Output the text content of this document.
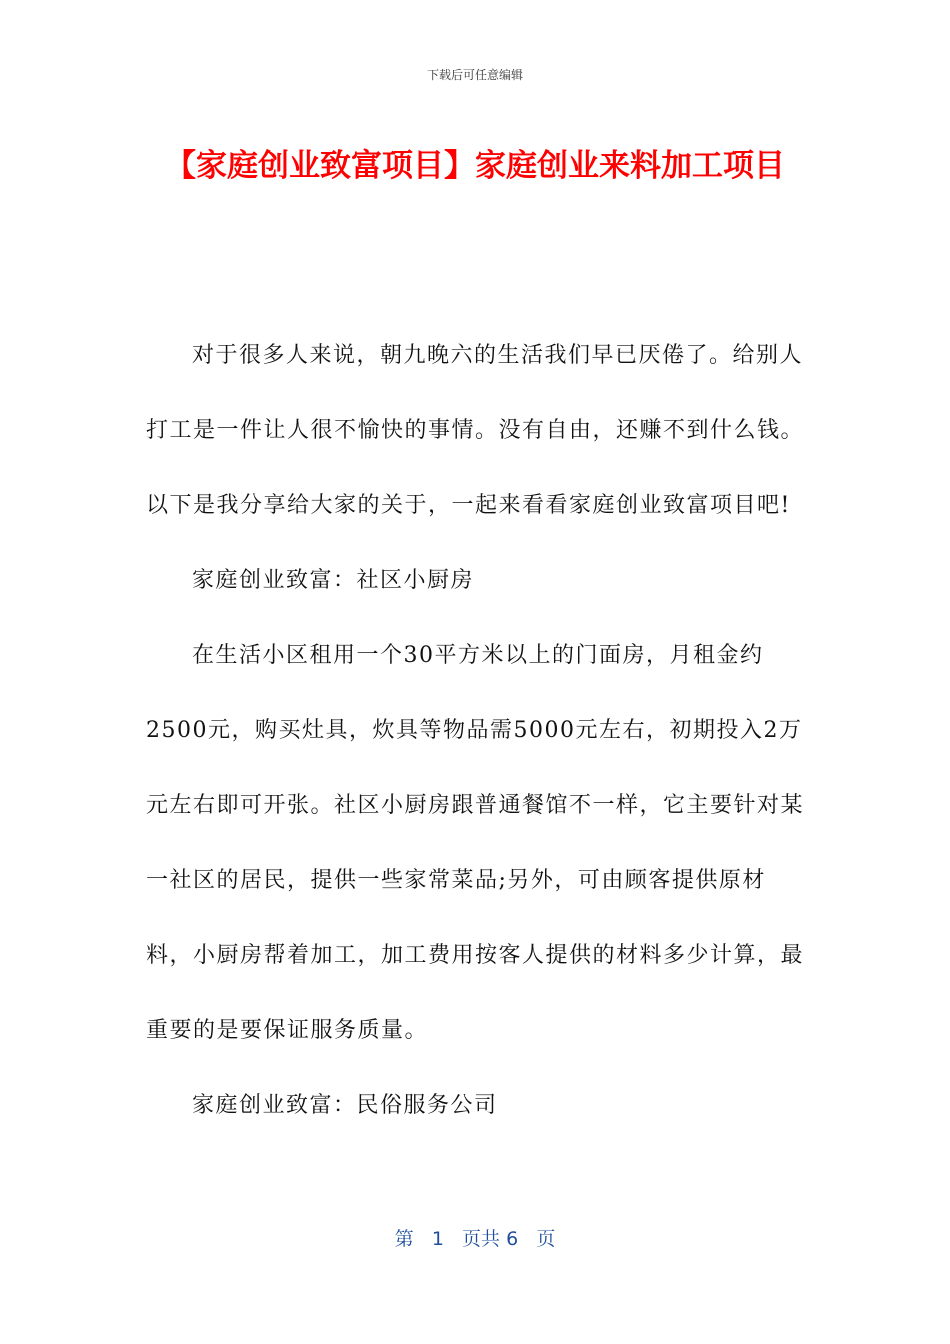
下载后可任意编辑
【家庭创业致富项目】家庭创业来料加工项目

对于很多人来说，朝九晚六的生活我们早已厌倦了。给别人打工是一件让人很不愉快的事情。没有自由，还赚不到什么钱。以下是我分享给大家的关于，一起来看看家庭创业致富项目吧!

家庭创业致富：社区小厨房

在生活小区租用一个30平方米以上的门面房，月租金约2500元，购买灶具，炊具等物品需5000元左右，初期投入2万元左右即可开张。社区小厨房跟普通餐馆不一样，它主要针对某一社区的居民，提供一些家常菜品;另外，可由顾客提供原材料，小厨房帮着加工，加工费用按客人提供的材料多少计算，最重要的是要保证服务质量。

家庭创业致富：民俗服务公司

第 1 页共 6 页
